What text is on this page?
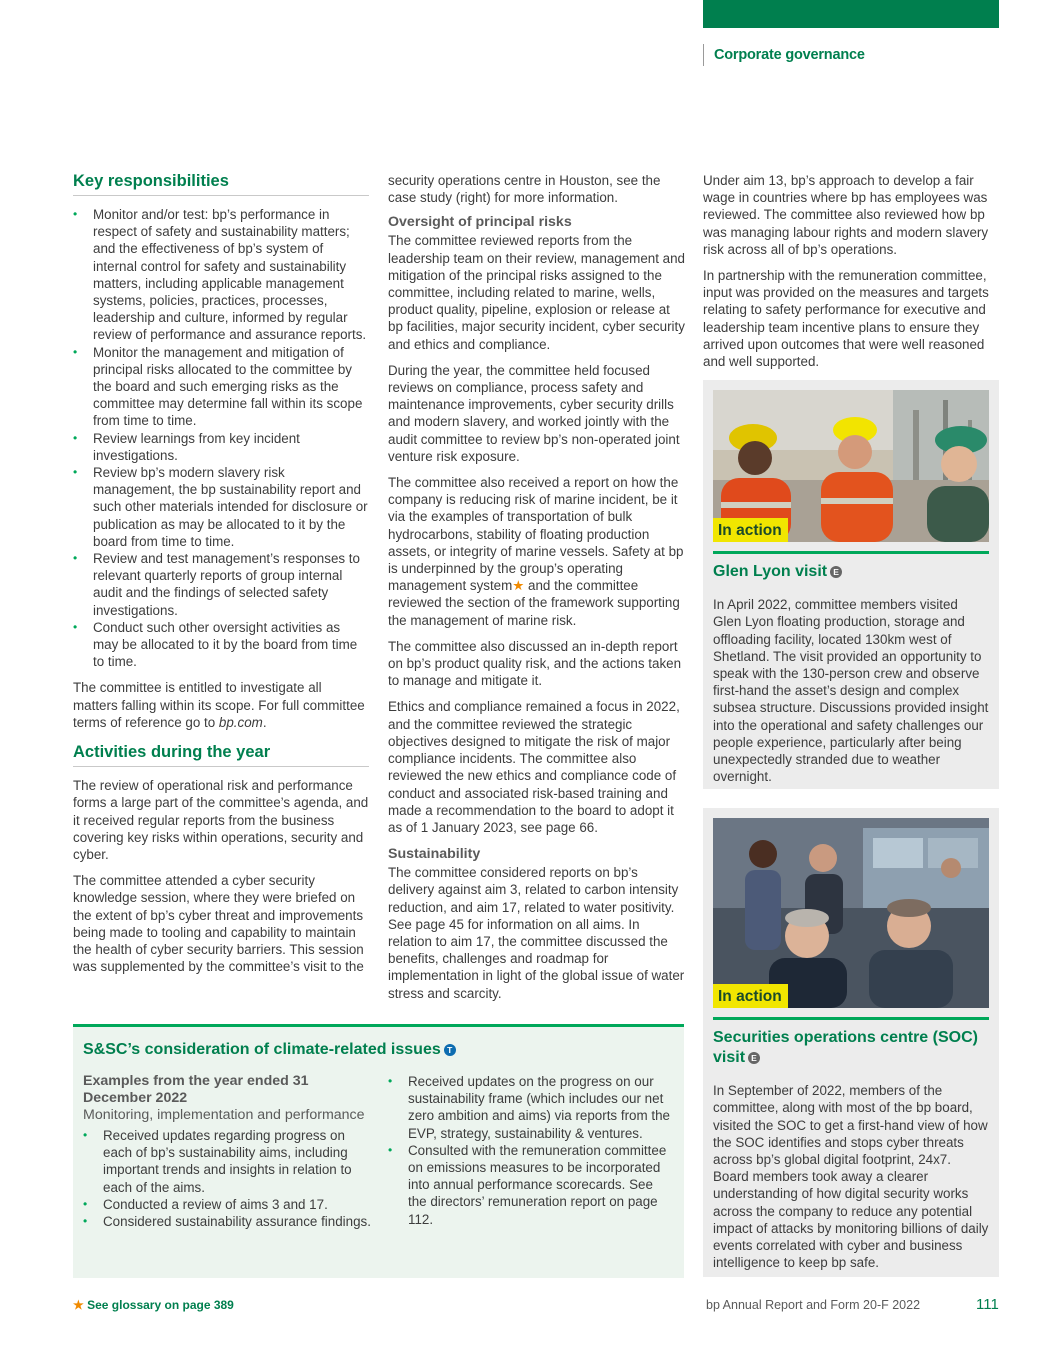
Corporate governance
Key responsibilities
• Monitor and/or test: bp’s performance in respect of safety and sustainability matters; and the effectiveness of bp’s system of internal control for safety and sustainability matters, including applicable management systems, policies, practices, processes, leadership and culture, informed by regular review of performance and assurance reports.
• Monitor the management and mitigation of principal risks allocated to the committee by the board and such emerging risks as the committee may determine fall within its scope from time to time.
• Review learnings from key incident investigations.
• Review bp’s modern slavery risk management, the bp sustainability report and such other materials intended for disclosure or publication as may be allocated to it by the board from time to time.
• Review and test management’s responses to relevant quarterly reports of group internal audit and the findings of selected safety investigations.
• Conduct such other oversight activities as may be allocated to it by the board from time to time.

The committee is entitled to investigate all matters falling within its scope. For full committee terms of reference go to bp.com.

Activities during the year

The review of operational risk and performance forms a large part of the committee’s agenda, and it received regular reports from the business covering key risks within operations, security and cyber.

The committee attended a cyber security knowledge session, where they were briefed on the extent of bp’s cyber threat and improvements being made to tooling and capability to maintain the health of cyber security barriers. This session was supplemented by the committee’s visit to the

security operations centre in Houston, see the case study (right) for more information.

Oversight of principal risks

The committee reviewed reports from the leadership team on their review, management and mitigation of the principal risks assigned to the committee, including related to marine, wells, product quality, pipeline, explosion or release at bp facilities, major security incident, cyber security and ethics and compliance.

During the year, the committee held focused reviews on compliance, process safety and maintenance improvements, cyber security drills and modern slavery, and worked jointly with the audit committee to review bp’s non-operated joint venture risk exposure.

The committee also received a report on how the company is reducing risk of marine incident, be it via the examples of transportation of bulk hydrocarbons, stability of floating production assets, or integrity of marine vessels. Safety at bp is underpinned by the group’s operating management system★ and the committee reviewed the section of the framework supporting the management of marine risk.

The committee also discussed an in-depth report on bp’s product quality risk, and the actions taken to manage and mitigate it.

Ethics and compliance remained a focus in 2022, and the committee reviewed the strategic objectives designed to mitigate the risk of major compliance incidents. The committee also reviewed the new ethics and compliance code of conduct and associated risk-based training and made a recommendation to the board to adopt it as of 1 January 2023, see page 66.

Sustainability

The committee considered reports on bp’s delivery against aim 3, related to carbon intensity reduction, and aim 17, related to water positivity. See page 45 for information on all aims. In relation to aim 17, the committee discussed the benefits, challenges and roadmap for implementation in light of the global issue of water stress and scarcity.

Under aim 13, bp’s approach to develop a fair wage in countries where bp has employees was reviewed. The committee also reviewed how bp was managing labour rights and modern slavery risk across all of bp’s operations.

In partnership with the remuneration committee, input was provided on the measures and targets relating to safety performance for executive and leadership team incentive plans to ensure they arrived upon outcomes that were well reasoned and well supported.

In action
Glen Lyon visit E

In April 2022, committee members visited Glen Lyon floating production, storage and offloading facility, located 130km west of Shetland. The visit provided an opportunity to speak with the 130-person crew and observe first-hand the asset’s design and complex subsea structure. Discussions provided insight into the operational and safety challenges our people experience, particularly after being unexpectedly stranded due to weather overnight.

In action
Securities operations centre (SOC) visit E

In September of 2022, members of the committee, along with most of the bp board, visited the SOC to get a first-hand view of how the SOC identifies and stops cyber threats across bp’s global digital footprint, 24x7. Board members took away a clearer understanding of how digital security works across the company to reduce any potential impact of attacks by monitoring billions of daily events correlated with cyber and business intelligence to keep bp safe.

S&SC’s consideration of climate-related issues T
Examples from the year ended 31 December 2022
Monitoring, implementation and performance
• Received updates regarding progress on each of bp’s sustainability aims, including important trends and insights in relation to each of the aims.
• Conducted a review of aims 3 and 17.
• Considered sustainability assurance findings.
• Received updates on the progress on our sustainability frame (which includes our net zero ambition and aims) via reports from the EVP, strategy, sustainability & ventures.
• Consulted with the remuneration committee on emissions measures to be incorporated into annual performance scorecards. See the directors’ remuneration report on page 112.
★ See glossary on page 389	bp Annual Report and Form 20-F 2022	111
